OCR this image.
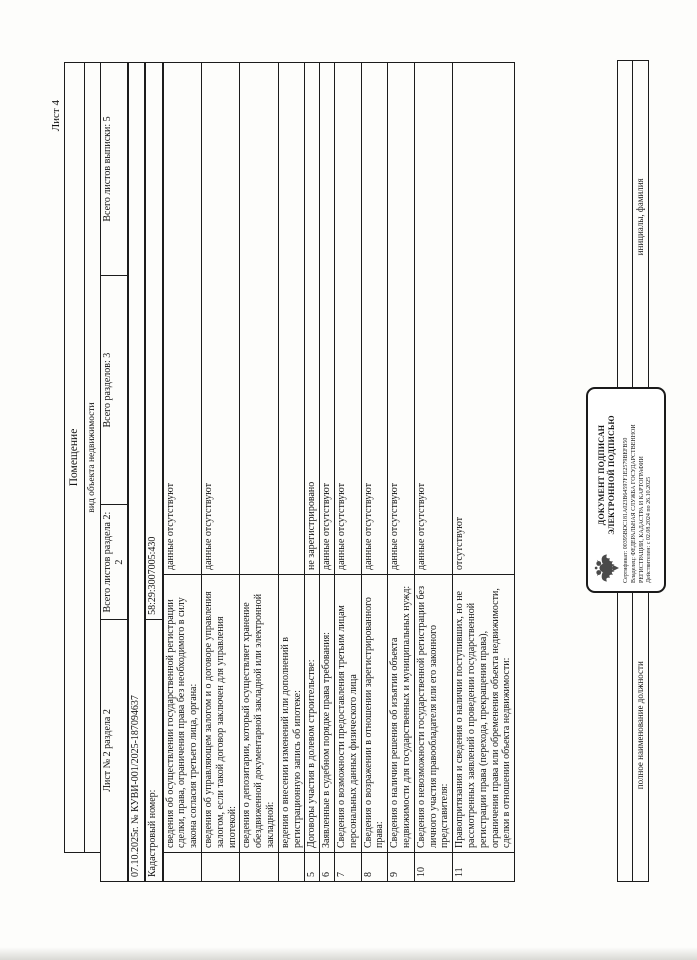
Лист 4
Помещение вид объекта недвижимости
Лист № 2 раздела 2	Всего листов раздела 2: 2	Всего разделов: 3	Всего листов выписки: 5
07.10.2025г. № КУВИ-001/2025-187094637 Кадастровый номер:	58:29:3007005:430
	сведения об осуществлении государственной регистрации сделки, права, ограничения права без необходимого в силу закона согласия третьего лица, органа:	данные отсутствуют
	сведения об управляющем залогом и о договоре управления залогом, если такой договор заключен для управления ипотекой:	данные отсутствуют
	сведения о депозитарии, который осуществляет хранение обездвиженной документарной закладной или электронной закладной:	
	ведения о внесении изменений или дополнений в регистрационную запись об ипотеке:	
5	Договоры участия в долевом строительстве:	не зарегистрировано
6	Заявленные в судебном порядке права требования:	данные отсутствуют
7	Сведения о возможности предоставления третьим лицам персональных данных физического лица	данные отсутствуют
8	Сведения о возражении в отношении зарегистрированного права:	данные отсутствуют
9	Сведения о наличии решения об изъятии объекта недвижимости для государственных и муниципальных нужд:	данные отсутствуют
10	Сведения о невозможности государственной регистрации без личного участия правообладателя или его законного представителя:	данные отсутствуют
11	Правопритязания и сведения о наличии поступивших, но не рассмотренных заявлений о проведении государственной регистрации права (перехода, прекращения права), ограничения права или обременения объекта недвижимости, сделки в отношении объекта недвижимости:	отсутствуют
полное наименование должности
инициалы, фамилия
ДОКУМЕНТ ПОДПИСАН ЭЛЕКТРОННОЙ ПОДПИСЬЮ Сертификат: 00395BDC181A023B64597F1E2579BEFB50 Владелец: ФЕДЕРАЛЬНАЯ СЛУЖБА ГОСУДАРСТВЕННОЙ РЕГИСТРАЦИИ, КАДАСТРА И КАРТОГРАФИИ Действителен: с 02.08.2024 по 26.10.2025
